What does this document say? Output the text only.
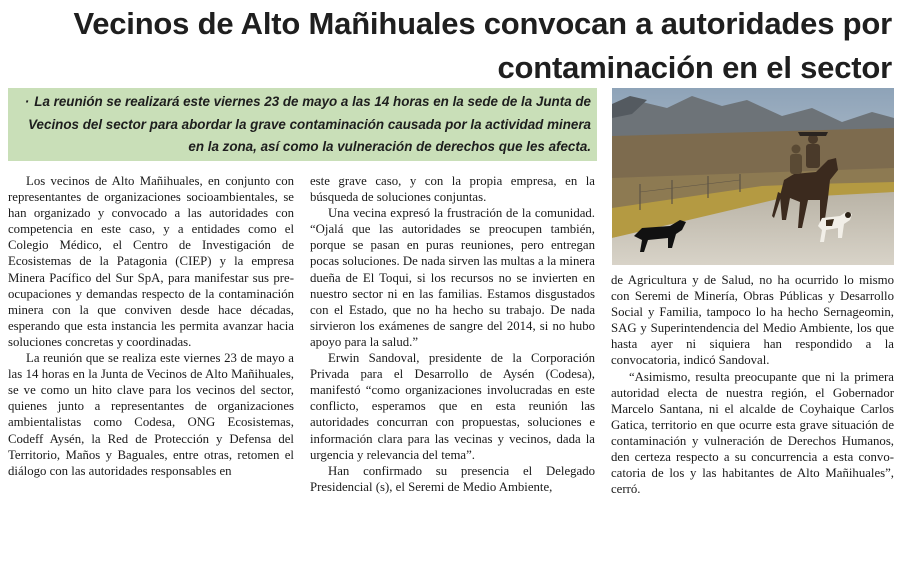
Vecinos de Alto Mañihuales convocan a autoridades por
contaminación en el sector
· La reunión se realizará este viernes 23 de mayo a las 14 horas en la sede de la Junta de Vecinos del sector para abordar la grave contaminación causada por la actividad minera en la zona, así como la vulneración de derechos que les afecta.

Los vecinos de Alto Mañihuales, en conjunto con representantes de organizaciones socioambientales, se han organizado y convocado a las autoridades con competencia en este caso, y a entidades como el Colegio Médico, el Centro de Investigación de Ecosistemas de la Patagonia (CIEP) y la empresa Minera Pacífico del Sur SpA, para manifestar sus preocupaciones y demandas respecto de la contaminación minera con la que conviven desde hace décadas, esperando que esta instancia les permita avanzar hacia soluciones concretas y coordinadas.

La reunión que se realiza este viernes 23 de mayo a las 14 horas en la Junta de Vecinos de Alto Mañihuales, se ve como un hito clave para los vecinos del sector, quienes junto a representantes de organizaciones ambientalistas como Codesa, ONG Ecosistemas, Codeff Aysén, la Red de Protección y Defensa del Territorio, Maños y Baguales, entre otras, retomen el diálogo con las autoridades responsables en

este grave caso, y con la propia empresa, en la búsqueda de soluciones conjuntas.

Una vecina expresó la frustración de la comunidad. “Ojalá que las autoridades se preocupen también, porque se pasan en puras reuniones, pero entregan pocas soluciones. De nada sirven las multas a la minera dueña de El Toqui, si los recursos no se invierten en nuestro sector ni en las familias. Estamos disgustados con el Estado, que no ha hecho su trabajo. De nada sirvieron los exámenes de sangre del 2014, si no hubo apoyo para la salud.”

Erwin Sandoval, presidente de la Corporación Privada para el Desarrollo de Aysén (Codesa), manifestó “como organizaciones involucradas en este conflicto, esperamos que en esta reunión las autoridades concurran con propuestas, soluciones e información clara para las vecinas y vecinos, dada la urgencia y relevancia del tema”.

Han confirmado su presencia el Delegado Presidencial (s), el Seremi de Medio Ambiente,

de Agricultura y de Salud, no ha ocurrido lo mismo con Seremi de Minería, Obras Públicas y Desarrollo Social y Familia, tampoco lo ha hecho Sernageomin, SAG y Superintendencia del Medio Ambiente, los que hasta ayer ni siquiera han respondido a la convocatoria, indicó Sandoval.

“Asimismo, resulta preocupante que ni la primera autoridad electa de nuestra región, el Gobernador Marcelo Santana, ni el alcalde de Coyhaique Carlos Gatica, territorio en que ocurre esta grave situación de contaminación y vulneración de Derechos Humanos, den certeza respecto a su concurrencia a esta convocatoria de los y las habitantes de Alto Mañihuales”, cerró.
